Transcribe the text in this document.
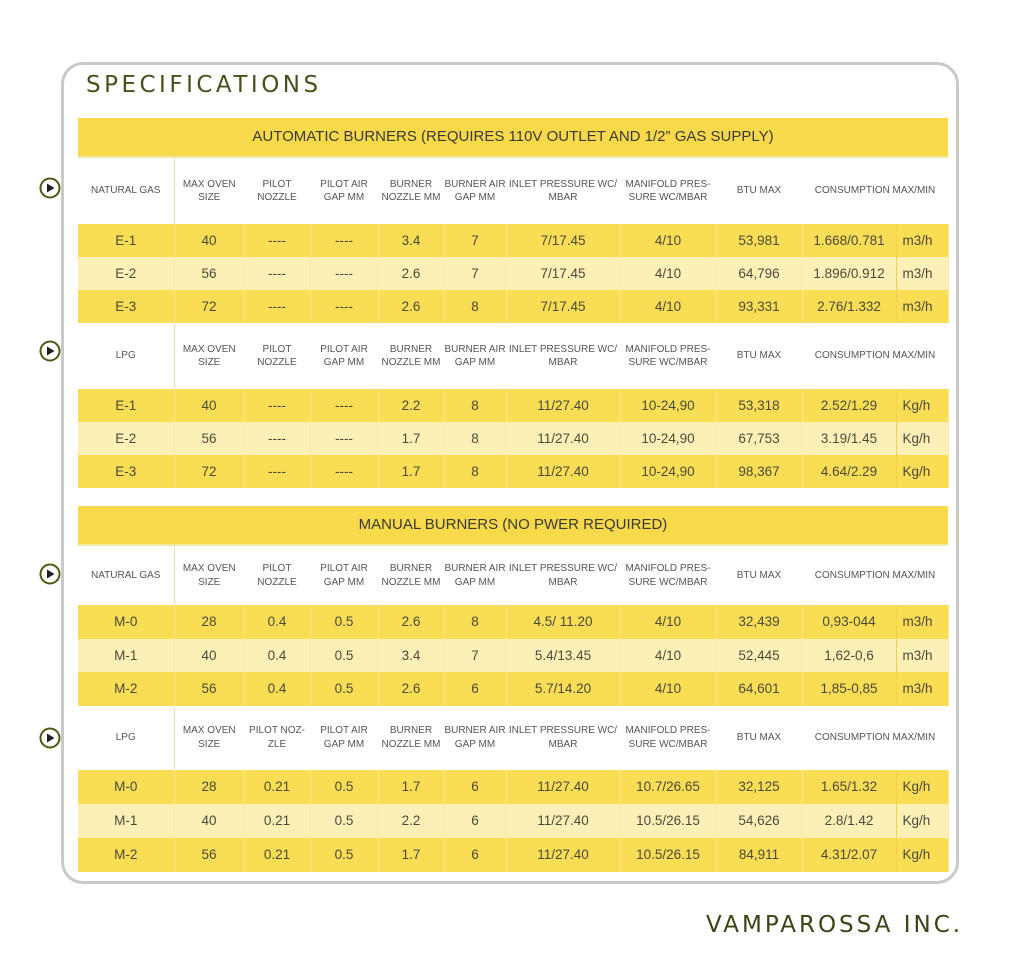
SPECIFICATIONS
AUTOMATIC BURNERS (REQUIRES 110V OUTLET AND 1/2” GAS SUPPLY)
NATURAL GAS	MAX OVEN SIZE	PILOT NOZZLE	PILOT AIR GAP MM	BURNER NOZZLE MM	BURNER AIR GAP MM	INLET PRESSURE WC/ MBAR	MANIFOLD PRES-SURE WC/MBAR	BTU MAX	CONSUMPTION MAX/MIN	
E-1	40	----	----	3.4	7	7/17.45	4/10	53,981	1.668/0.781	m3/h
E-2	56	----	----	2.6	7	7/17.45	4/10	64,796	1.896/0.912	m3/h
E-3	72	----	----	2.6	8	7/17.45	4/10	93,331	2.76/1.332	m3/h
LPG	MAX OVEN SIZE	PILOT NOZZLE	PILOT AIR GAP MM	BURNER NOZZLE MM	BURNER AIR GAP MM	INLET PRESSURE WC/ MBAR	MANIFOLD PRES-SURE WC/MBAR	BTU MAX	CONSUMPTION MAX/MIN	
E-1	40	----	----	2.2	8	11/27.40	10-24,90	53,318	2.52/1.29	Kg/h
E-2	56	----	----	1.7	8	11/27.40	10-24,90	67,753	3.19/1.45	Kg/h
E-3	72	----	----	1.7	8	11/27.40	10-24,90	98,367	4.64/2.29	Kg/h
MANUAL BURNERS (NO PWER REQUIRED)
NATURAL GAS	MAX OVEN SIZE	PILOT NOZZLE	PILOT AIR GAP MM	BURNER NOZZLE MM	BURNER AIR GAP MM	INLET PRESSURE WC/ MBAR	MANIFOLD PRES-SURE WC/MBAR	BTU MAX	CONSUMPTION MAX/MIN	
M-0	28	0.4	0.5	2.6	8	4.5/ 11.20	4/10	32,439	0,93-044	m3/h
M-1	40	0.4	0.5	3.4	7	5.4/13.45	4/10	52,445	1,62-0,6	m3/h
M-2	56	0.4	0.5	2.6	6	5.7/14.20	4/10	64,601	1,85-0,85	m3/h
LPG	MAX OVEN SIZE	PILOT NOZ-ZLE	PILOT AIR GAP MM	BURNER NOZZLE MM	BURNER AIR GAP MM	INLET PRESSURE WC/ MBAR	MANIFOLD PRES-SURE WC/MBAR	BTU MAX	CONSUMPTION MAX/MIN	
M-0	28	0.21	0.5	1.7	6	11/27.40	10.7/26.65	32,125	1.65/1.32	Kg/h
M-1	40	0.21	0.5	2.2	6	11/27.40	10.5/26.15	54,626	2.8/1.42	Kg/h
M-2	56	0.21	0.5	1.7	6	11/27.40	10.5/26.15	84,911	4.31/2.07	Kg/h
VAMPAROSSA INC.
